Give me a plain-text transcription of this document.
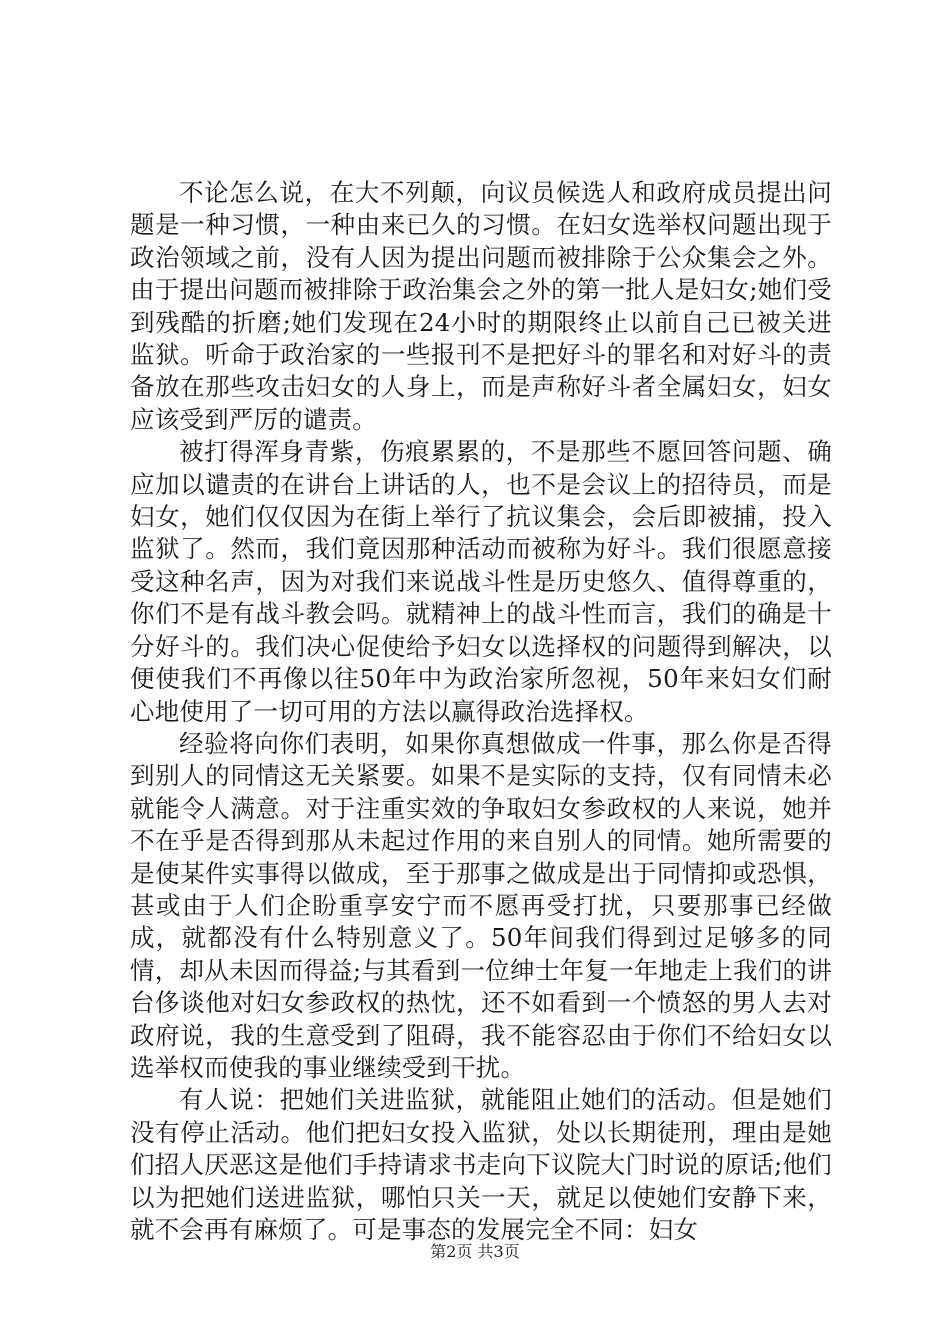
不论怎么说，在大不列颠，向议员候选人和政府成员提出问题是一种习惯，一种由来已久的习惯。在妇女选举权问题出现于政治领域之前，没有人因为提出问题而被排除于公众集会之外。由于提出问题而被排除于政治集会之外的第一批人是妇女;她们受到残酷的折磨;她们发现在24小时的期限终止以前自己已被关进监狱。听命于政治家的一些报刊不是把好斗的罪名和对好斗的责备放在那些攻击妇女的人身上，而是声称好斗者全属妇女，妇女应该受到严厉的谴责。

被打得浑身青紫，伤痕累累的，不是那些不愿回答问题、确应加以谴责的在讲台上讲话的人，也不是会议上的招待员，而是妇女，她们仅仅因为在街上举行了抗议集会，会后即被捕，投入监狱了。然而，我们竟因那种活动而被称为好斗。我们很愿意接受这种名声，因为对我们来说战斗性是历史悠久、值得尊重的，你们不是有战斗教会吗。就精神上的战斗性而言，我们的确是十分好斗的。我们决心促使给予妇女以选择权的问题得到解决，以便使我们不再像以往50年中为政治家所忽视，50年来妇女们耐心地使用了一切可用的方法以赢得政治选择权。

经验将向你们表明，如果你真想做成一件事，那么你是否得到别人的同情这无关紧要。如果不是实际的支持，仅有同情未必就能令人满意。对于注重实效的争取妇女参政权的人来说，她并不在乎是否得到那从未起过作用的来自别人的同情。她所需要的是使某件实事得以做成，至于那事之做成是出于同情抑或恐惧，甚或由于人们企盼重享安宁而不愿再受打扰，只要那事已经做成，就都没有什么特别意义了。50年间我们得到过足够多的同情，却从未因而得益;与其看到一位绅士年复一年地走上我们的讲台侈谈他对妇女参政权的热忱，还不如看到一个愤怒的男人去对政府说，我的生意受到了阻碍，我不能容忍由于你们不给妇女以选举权而使我的事业继续受到干扰。

有人说：把她们关进监狱，就能阻止她们的活动。但是她们没有停止活动。他们把妇女投入监狱，处以长期徒刑，理由是她们招人厌恶这是他们手持请求书走向下议院大门时说的原话;他们以为把她们送进监狱，哪怕只关一天，就足以使她们安静下来，就不会再有麻烦了。可是事态的发展完全不同：妇女

第2页 共3页
